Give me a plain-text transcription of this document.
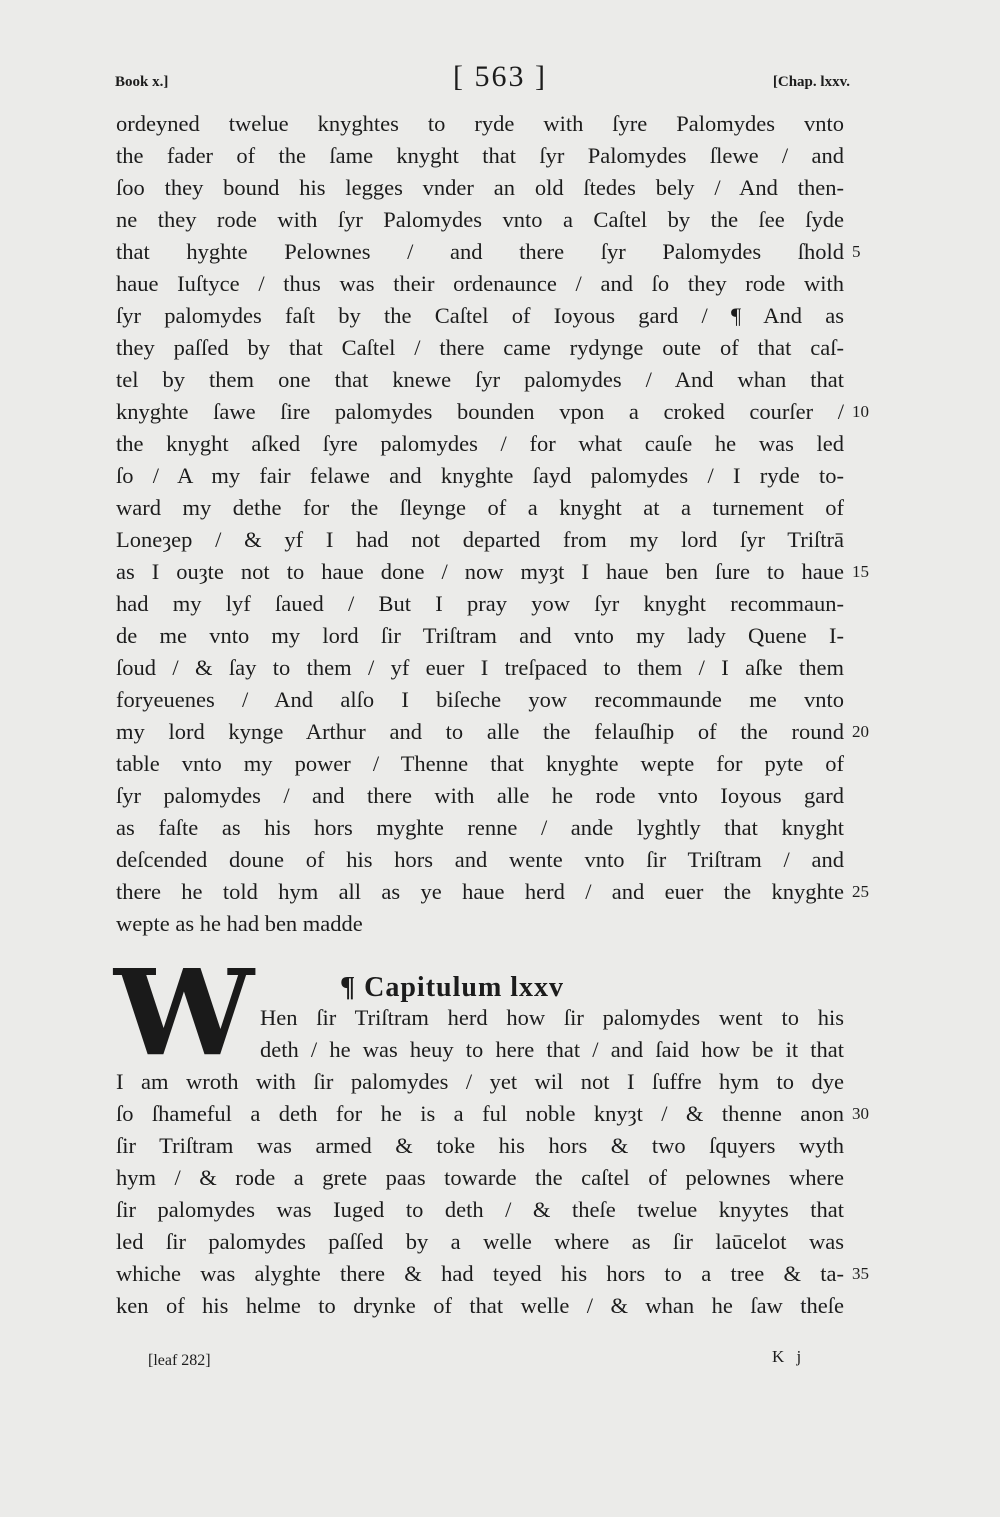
Book x.]	[ 563 ]	[Chap. lxxv.
ordeyned twelue knyghtes to ryde with ſyre Palomydes vnto
the fader of the ſame knyght that ſyr Palomydes ſlewe / and
ſoo they bound his legges vnder an old ſtedes bely / And then-
ne they rode with ſyr Palomydes vnto a Caſtel by the ſee ſyde
that hyghte Pelownes / and there ſyr Palomydes ſhold
haue Iuſtyce / thus was their ordenaunce / and ſo they rode with
ſyr palomydes faſt by the Caſtel of Ioyous gard / ¶ And as
they paſſed by that Caſtel / there came rydynge oute of that caſ-
tel by them one that knewe ſyr palomydes / And whan that
knyghte ſawe ſire palomydes bounden vpon a croked courſer /
the knyght aſked ſyre palomydes / for what cauſe he was led
ſo / A my fair felawe and knyghte ſayd palomydes / I ryde to-
ward my dethe for the ſleynge of a knyght at a turnement of
Loneȝep / & yf I had not departed from my lord ſyr Triſtrā
as I ouȝte not to haue done / now myȝt I haue ben ſure to haue
had my lyf ſaued / But I pray yow ſyr knyght recommaun-
de me vnto my lord ſir Triſtram and vnto my lady Quene I-
ſoud / & ſay to them / yf euer I treſpaced to them / I aſke them
foryeuenes / And alſo I biſeche yow recommaunde me vnto
my lord kynge Arthur and to alle the felauſhip of the round
table vnto my power / Thenne that knyghte wepte for pyte of
ſyr palomydes / and there with alle he rode vnto Ioyous gard
as faſte as his hors myghte renne / ande lyghtly that knyght
deſcended doune of his hors and wente vnto ſir Triſtram / and
there he told hym all as ye haue herd / and euer the knyghte
wepte as he had ben madde
¶ Capitulum lxxv
W Hen ſir Triſtram herd how ſir palomydes went to his
deth / he was heuy to here that / and ſaid how be it that
I am wroth with ſir palomydes / yet wil not I ſuffre hym to dye
ſo ſhameful a deth for he is a ful noble knyȝt / & thenne anon
ſir Triſtram was armed & toke his hors & two ſquyers wyth
hym / & rode a grete paas towarde the caſtel of pelownes where
ſir palomydes was Iuged to deth / & theſe twelue knyytes that
led ſir palomydes paſſed by a welle where as ſir laūcelot was
whiche was alyghte there & had teyed his hors to a tree & ta-
ken of his helme to drynke of that welle / & whan he ſaw theſe
5
10
15
20
25
30
35
[leaf 282]	K j
